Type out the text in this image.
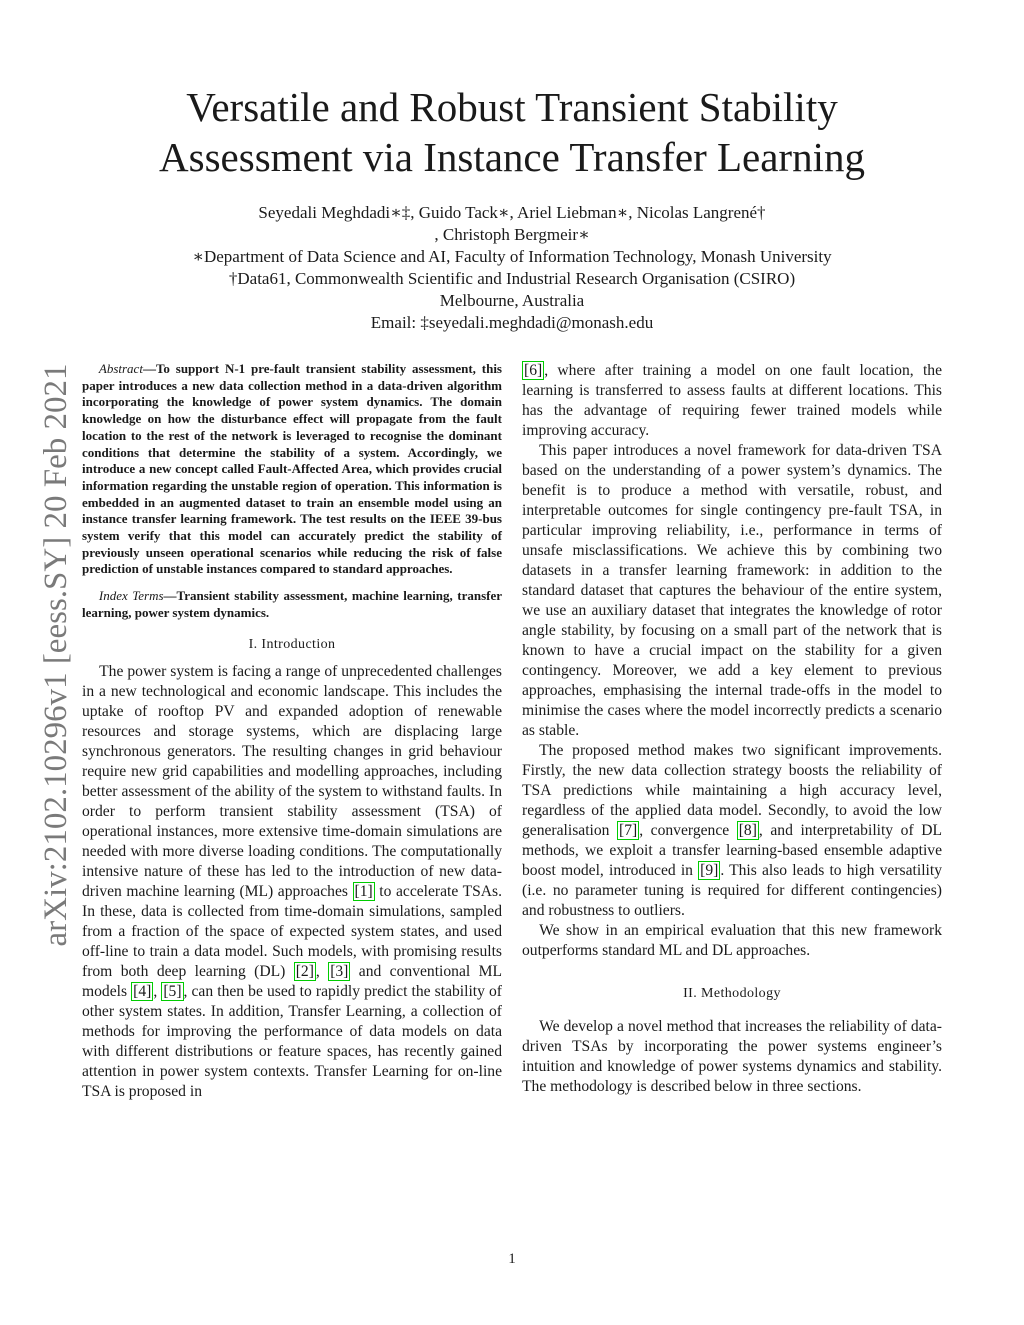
Versatile and Robust Transient Stability
Assessment via Instance Transfer Learning
Seyedali Meghdadi∗‡, Guido Tack∗, Ariel Liebman∗, Nicolas Langrené†
, Christoph Bergmeir∗
∗Department of Data Science and AI, Faculty of Information Technology, Monash University
†Data61, Commonwealth Scientific and Industrial Research Organisation (CSIRO)
Melbourne, Australia
Email: ‡seyedali.meghdadi@monash.edu
arXiv:2102.10296v1 [eess.SY] 20 Feb 2021	Abstract—To support N-1 pre-fault transient stability assessment, this paper introduces a new data collection method in a data-driven algorithm incorporating the knowledge of power system dynamics. The domain knowledge on how the disturbance effect will propagate from the fault location to the rest of the network is leveraged to recognise the dominant conditions that determine the stability of a system. Accordingly, we introduce a new concept called Fault-Affected Area, which provides crucial information regarding the unstable region of operation. This information is embedded in an augmented dataset to train an ensemble model using an instance transfer learning framework. The test results on the IEEE 39-bus system verify that this model can accurately predict the stability of previously unseen operational scenarios while reducing the risk of false prediction of unstable instances compared to standard approaches.

Index Terms—Transient stability assessment, machine learning, transfer learning, power system dynamics.

I. Introduction

The power system is facing a range of unprecedented challenges in a new technological and economic landscape. This includes the uptake of rooftop PV and expanded adoption of renewable resources and storage systems, which are displacing large synchronous generators. The resulting changes in grid behaviour require new grid capabilities and modelling approaches, including better assessment of the ability of the system to withstand faults. In order to perform transient stability assessment (TSA) of operational instances, more extensive time-domain simulations are needed with more diverse loading conditions. The computationally intensive nature of these has led to the introduction of new data-driven machine learning (ML) approaches [1] to accelerate TSAs. In these, data is collected from time-domain simulations, sampled from a fraction of the space of expected system states, and used off-line to train a data model. Such models, with promising results from both deep learning (DL) [2] , [3] and conventional ML models [4] , [5] , can then be used to rapidly predict the stability of other system states. In addition, Transfer Learning, a collection of methods for improving the performance of data models on data with different distributions or feature spaces, has recently gained attention in power system contexts. Transfer Learning for on-line TSA is proposed in

[6] , where after training a model on one fault location, the learning is transferred to assess faults at different locations. This has the advantage of requiring fewer trained models while improving accuracy.

This paper introduces a novel framework for data-driven TSA based on the understanding of a power system’s dynamics. The benefit is to produce a method with versatile, robust, and interpretable outcomes for single contingency pre-fault TSA, in particular improving reliability, i.e., performance in terms of unsafe misclassifications. We achieve this by combining two datasets in a transfer learning framework: in addition to the standard dataset that captures the behaviour of the entire system, we use an auxiliary dataset that integrates the knowledge of rotor angle stability, by focusing on a small part of the network that is known to have a crucial impact on the stability for a given contingency. Moreover, we add a key element to previous approaches, emphasising the internal trade-offs in the model to minimise the cases where the model incorrectly predicts a scenario as stable.

The proposed method makes two significant improvements. Firstly, the new data collection strategy boosts the reliability of TSA predictions while maintaining a high accuracy level, regardless of the applied data model. Secondly, to avoid the low generalisation [7] , convergence [8] , and interpretability of DL methods, we exploit a transfer learning-based ensemble adaptive boost model, introduced in [9] . This also leads to high versatility (i.e. no parameter tuning is required for different contingencies) and robustness to outliers.

We show in an empirical evaluation that this new framework outperforms standard ML and DL approaches.

II. Methodology

We develop a novel method that increases the reliability of data-driven TSAs by incorporating the power systems engineer’s intuition and knowledge of power systems dynamics and stability. The methodology is described below in three sections.

1
